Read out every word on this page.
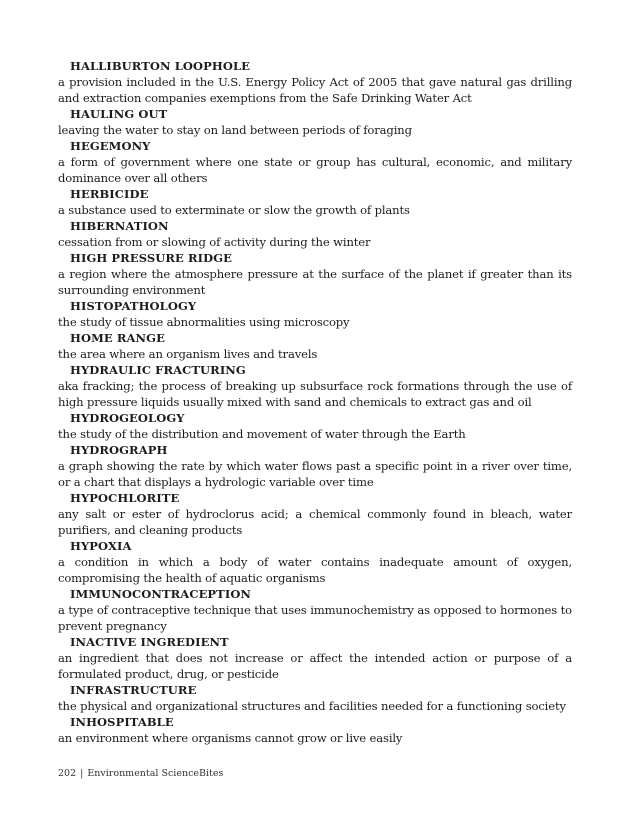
HALLIBURTON LOOPHOLE
a provision included in the U.S. Energy Policy Act of 2005 that gave natural gas drilling and extraction companies exemptions from the Safe Drinking Water Act
HAULING OUT
leaving the water to stay on land between periods of foraging
HEGEMONY
a form of government where one state or group has cultural, economic, and military dominance over all others
HERBICIDE
a substance used to exterminate or slow the growth of plants
HIBERNATION
cessation from or slowing of activity during the winter
HIGH PRESSURE RIDGE
a region where the atmosphere pressure at the surface of the planet if greater than its surrounding environment
HISTOPATHOLOGY
the study of tissue abnormalities using microscopy
HOME RANGE
the area where an organism lives and travels
HYDRAULIC FRACTURING
aka fracking; the process of breaking up subsurface rock formations through the use of high pressure liquids usually mixed with sand and chemicals to extract gas and oil
HYDROGEOLOGY
the study of the distribution and movement of water through the Earth
HYDROGRAPH
a graph showing the rate by which water flows past a specific point in a river over time, or a chart that displays a hydrologic variable over time
HYPOCHLORITE
any salt or ester of hydroclorus acid; a chemical commonly found in bleach, water purifiers, and cleaning products
HYPOXIA
a condition in which a body of water contains inadequate amount of oxygen, compromising the health of aquatic organisms
IMMUNOCONTRACEPTION
a type of contraceptive technique that uses immunochemistry as opposed to hormones to prevent pregnancy
INACTIVE INGREDIENT
an ingredient that does not increase or affect the intended action or purpose of a formulated product, drug, or pesticide
INFRASTRUCTURE
the physical and organizational structures and facilities needed for a functioning society
INHOSPITABLE
an environment where organisms cannot grow or live easily
202 | Environmental ScienceBites
